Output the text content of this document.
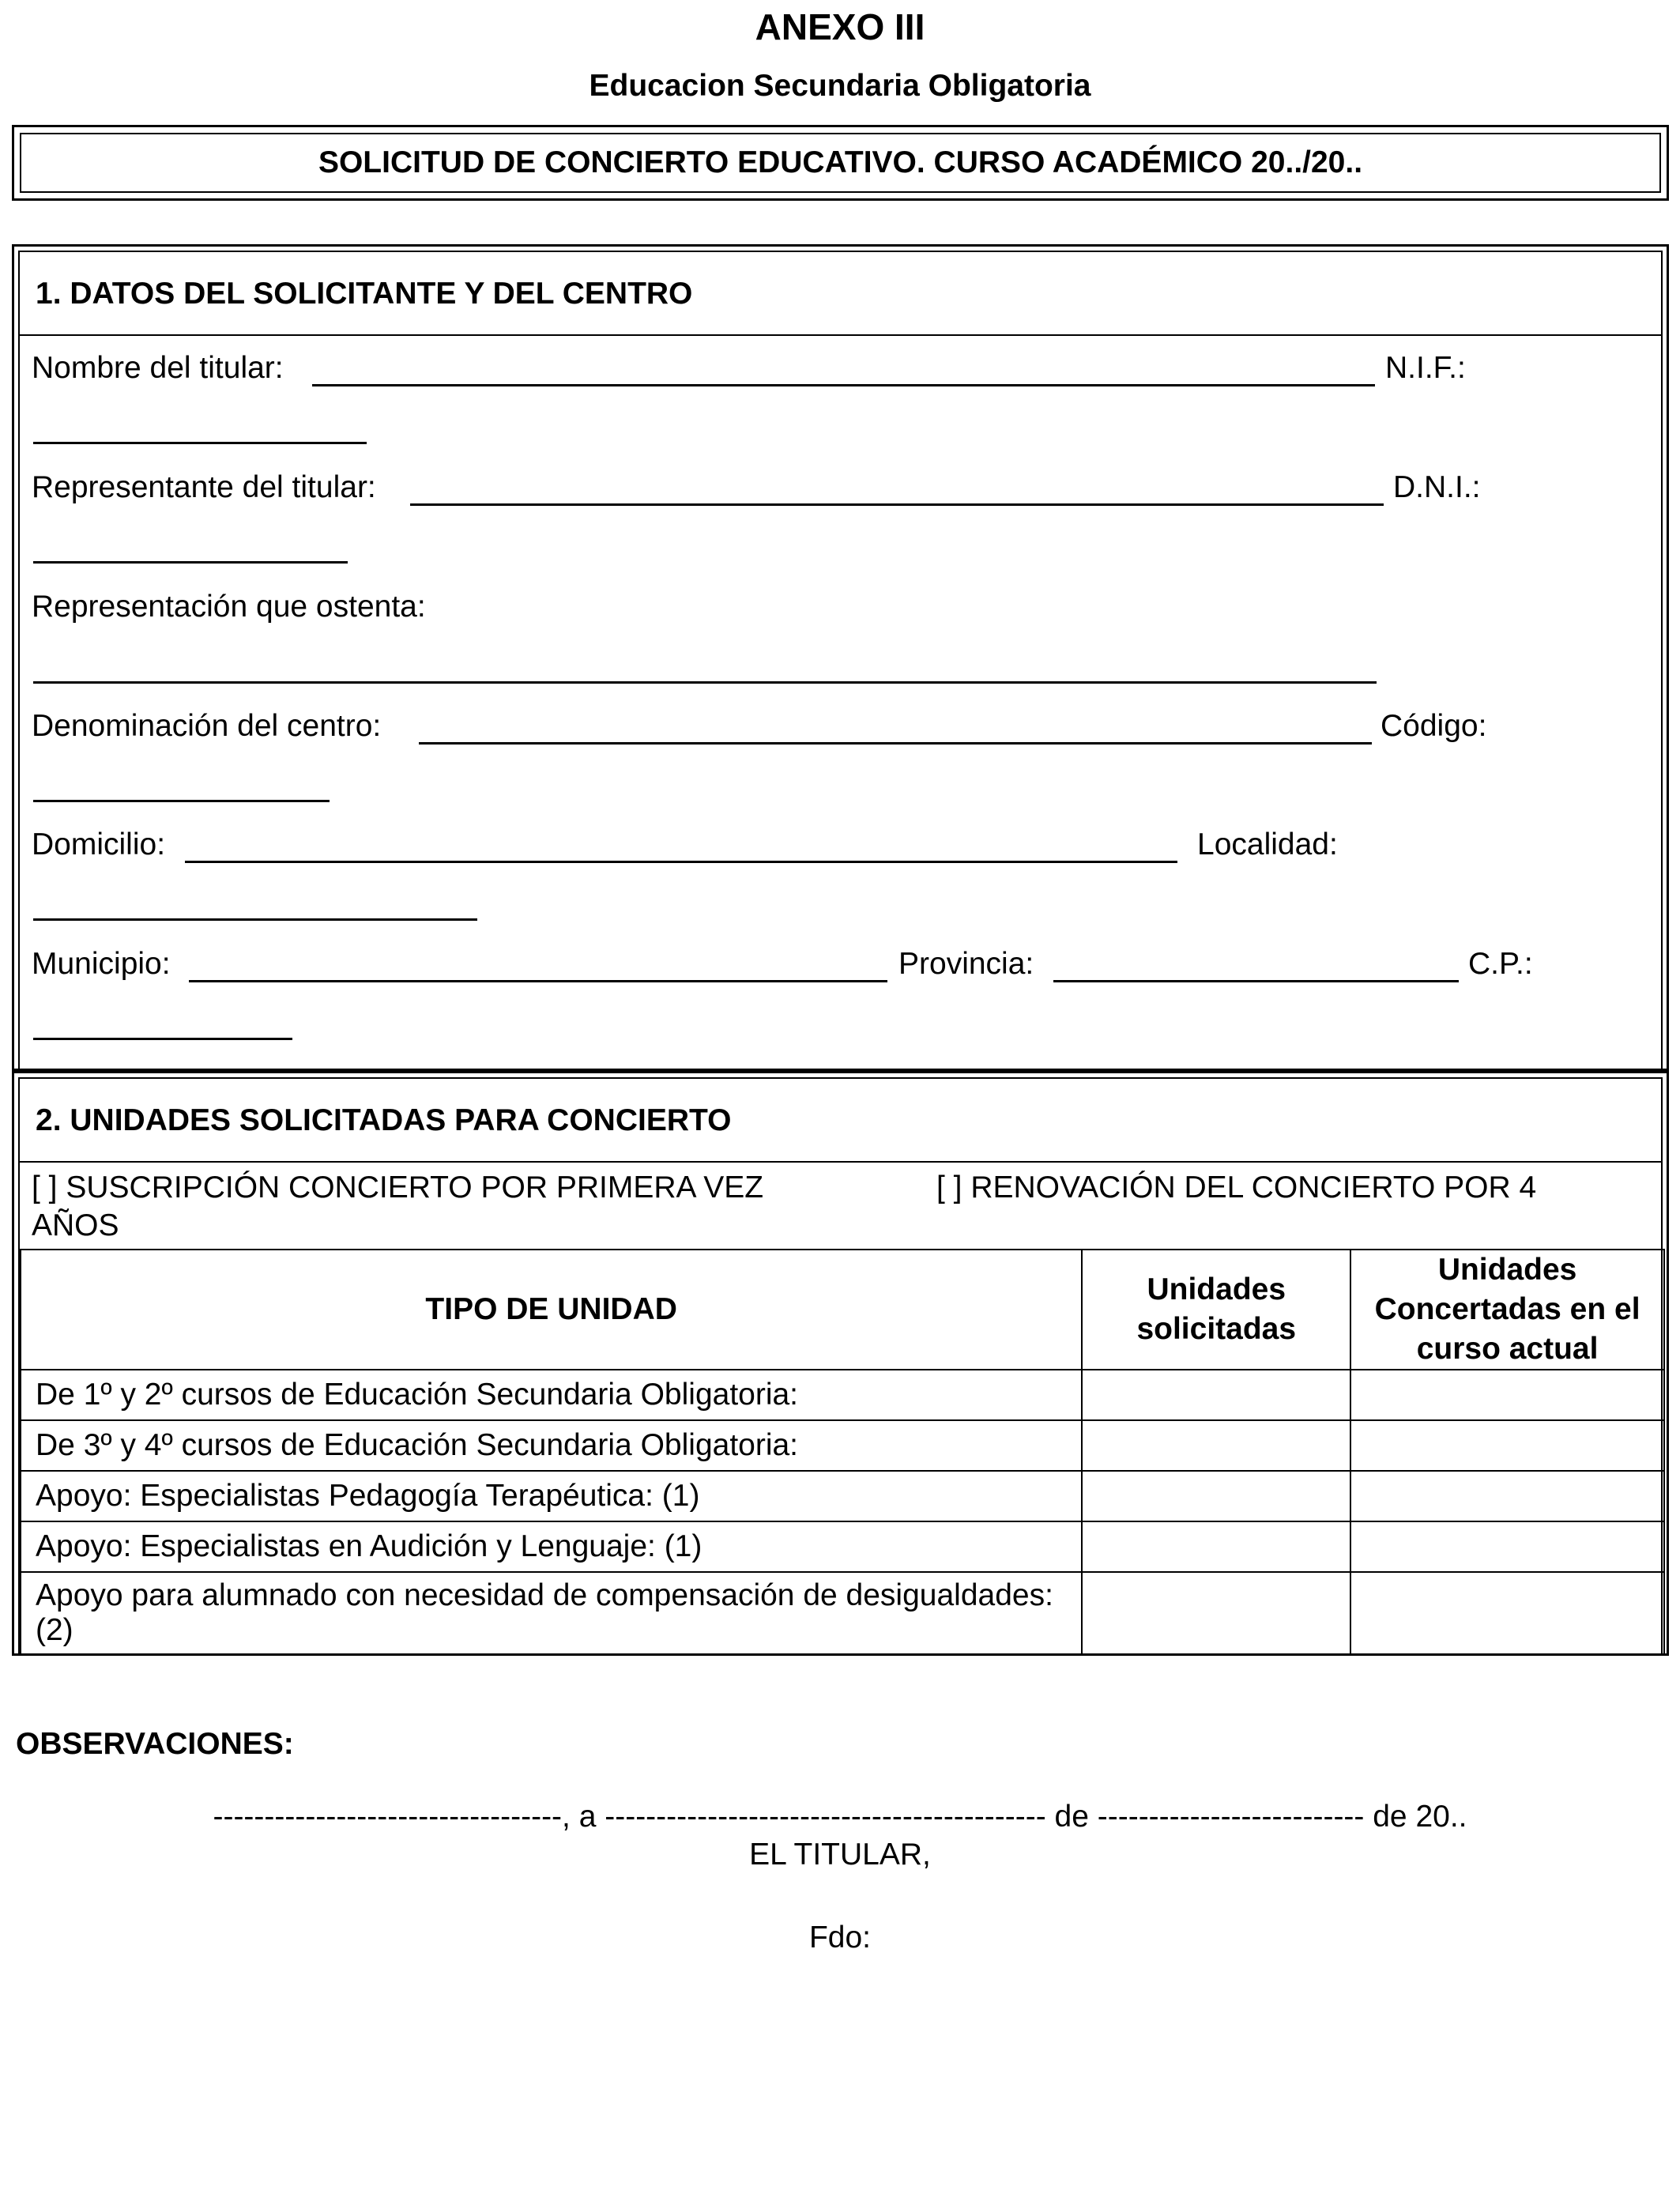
ANEXO III
Educacion Secundaria Obligatoria
SOLICITUD DE CONCIERTO EDUCATIVO. CURSO ACADÉMICO 20../20..
1. DATOS DEL SOLICITANTE Y DEL CENTRO
Nombre del titular:	N.I.F.:
Representante del titular:	D.N.I.:
Representación que ostenta:
Denominación del centro:	Código:
Domicilio:	Localidad:
Municipio:	Provincia:	C.P.:
2. UNIDADES SOLICITADAS PARA CONCIERTO
[ ] SUSCRIPCIÓN CONCIERTO POR PRIMERA VEZ	[ ] RENOVACIÓN DEL CONCIERTO POR 4
AÑOS
TIPO DE UNIDAD	Unidades solicitadas	Unidades Concertadas en el curso actual
De 1º y 2º cursos de Educación Secundaria Obligatoria:		
De 3º y 4º cursos de Educación Secundaria Obligatoria:		
Apoyo: Especialistas Pedagogía Terapéutica: (1)		
Apoyo: Especialistas en Audición y Lenguaje: (1)		
Apoyo para alumnado con necesidad de compensación de desigualdades: (2)		
OBSERVACIONES:
----------------------------------, a ------------------------------------------- de -------------------------- de 20..
EL TITULAR,
Fdo:
